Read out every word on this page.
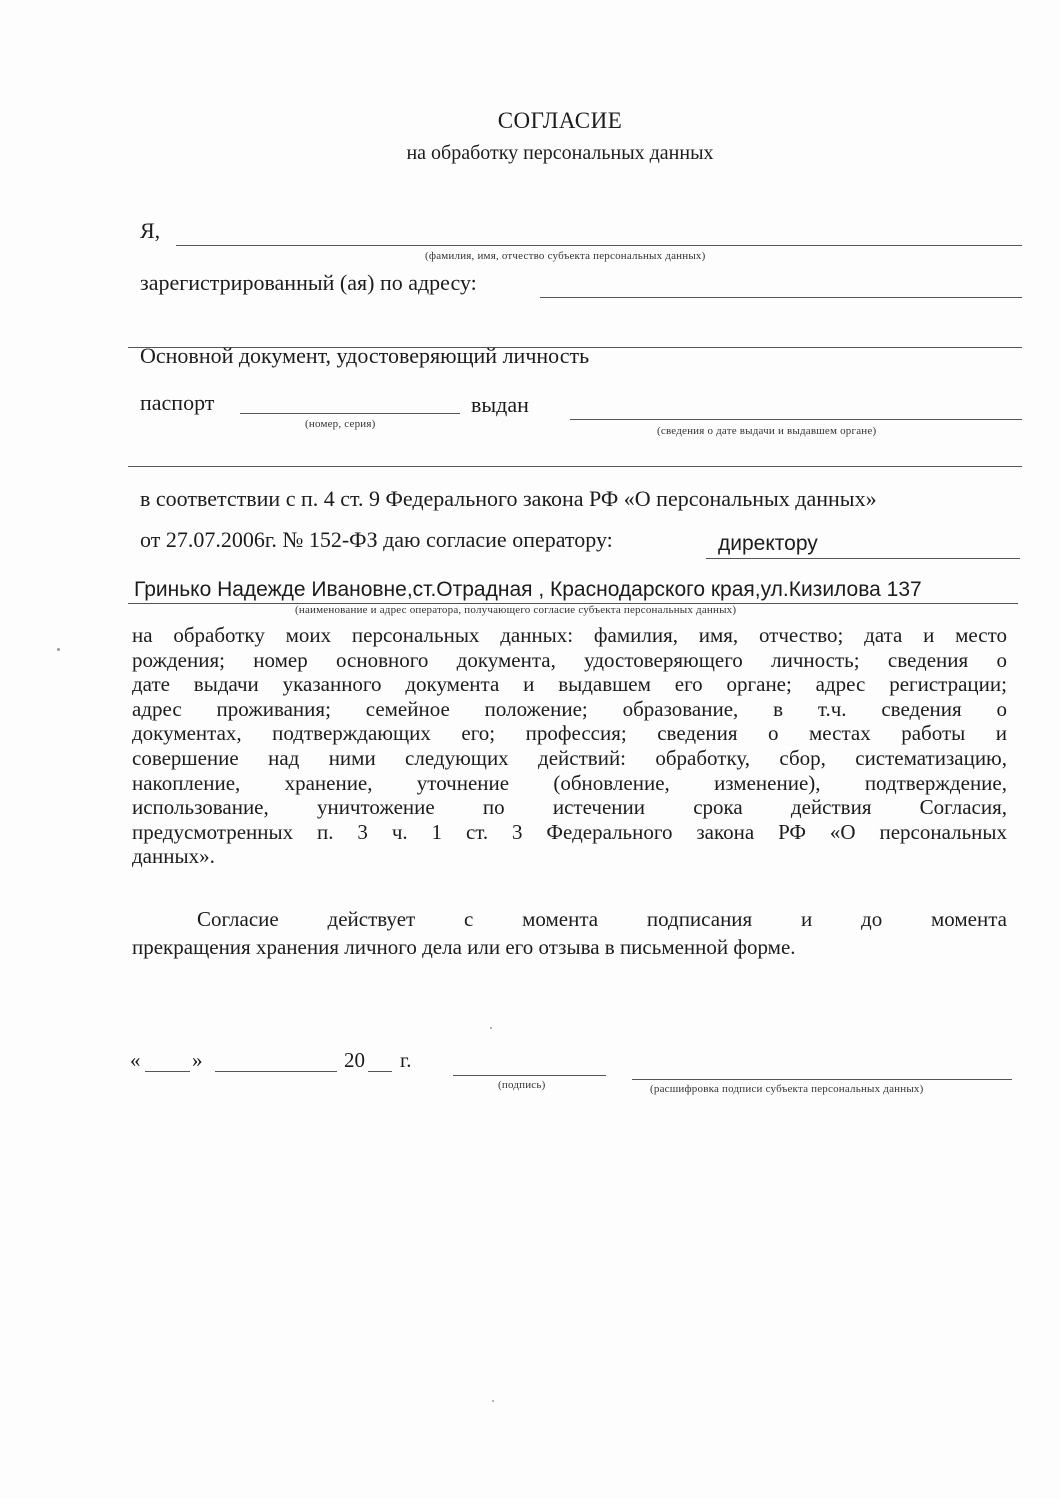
СОГЛАСИЕ
на обработку персональных данных
Я,
(фамилия, имя, отчество субъекта персональных данных)
зарегистрированный (ая) по адресу:
Основной документ, удостоверяющий личность
паспорт
(номер, серия)
выдан
(сведения о дате выдачи и выдавшем органе)
в соответствии с п. 4 ст. 9 Федерального закона РФ «О персональных данных»
от 27.07.2006г. № 152-ФЗ даю согласие оператору:	директору
Гринько Надежде Ивановне,ст.Отрадная , Краснодарского края,ул.Кизилова 137
(наименование и адрес оператора, получающего согласие субъекта персональных данных)
на обработку моих персональных данных: фамилия, имя, отчество; дата и место
рождения; номер основного документа, удостоверяющего личность; сведения о
дате выдачи указанного документа и выдавшем его органе; адрес регистрации;
адрес проживания; семейное положение; образование, в т.ч. сведения о
документах, подтверждающих его; профессия; сведения о местах работы и
совершение над ними следующих действий: обработку, сбор, систематизацию,
накопление, хранение, уточнение (обновление, изменение), подтверждение,
использование, уничтожение по истечении срока действия Согласия,
предусмотренных п. 3 ч. 1 ст. 3 Федерального закона РФ «О персональных
данных».
Согласие действует с момента подписания и до момента
прекращения хранения личного дела или его отзыва в письменной форме.
« »	20 г.
(подпись)	(расшифровка подписи субъекта персональных данных)
